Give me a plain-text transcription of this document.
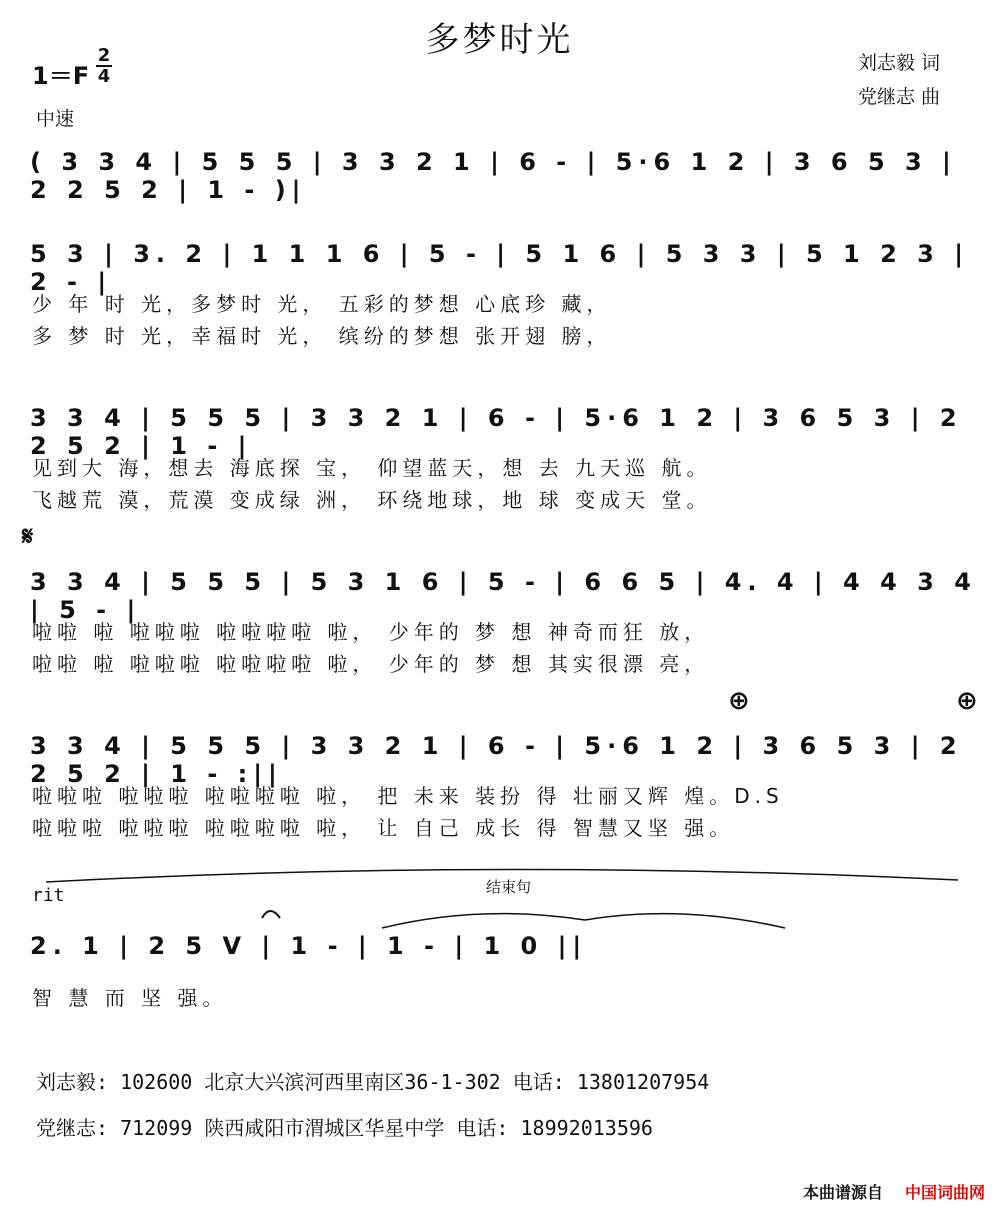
多梦时光
刘志毅 词
党继志 曲
1＝F
2
4
中速
( 3 3 4 | 5 5 5 | 3 3 2 1 | 6 - | 5·6 1 2 | 3 6 5 3 | 2 2 5 2 | 1 - )|
5 3 | 3. 2 | 1 1 1 6 | 5 - | 5 1 6 | 5 3 3 | 5 1 2 3 | 2 - |
少 年 时 光，多梦时 光， 五彩的梦想 心底珍 藏，
多 梦 时 光，幸福时 光， 缤纷的梦想 张开翅 膀，
3 3 4 | 5 5 5 | 3 3 2 1 | 6 - | 5·6 1 2 | 3 6 5 3 | 2 2 5 2 | 1 - |
见到大 海，想去 海底探 宝， 仰望蓝天，想 去 九天巡 航。
飞越荒 漠，荒漠 变成绿 洲， 环绕地球，地 球 变成天 堂。
𝄋
3 3 4 | 5 5 5 | 5 3 1 6 | 5 - | 6 6 5 | 4. 4 | 4 4 3 4 | 5 - |
啦啦 啦 啦啦啦 啦啦啦啦 啦， 少年的 梦 想 神奇而狂 放，
啦啦 啦 啦啦啦 啦啦啦啦 啦， 少年的 梦 想 其实很漂 亮，
⊕	⊕
3 3 4 | 5 5 5 | 3 3 2 1 | 6 - | 5·6 1 2 | 3 6 5 3 | 2 2 5 2 | 1 - :||
啦啦啦 啦啦啦 啦啦啦啦 啦， 把 未来 装扮 得 壮丽又辉 煌。D.S
啦啦啦 啦啦啦 啦啦啦啦 啦， 让 自己 成长 得 智慧又坚 强。
rit	结束句
2. 1 | 2 5 V | 1 - | 1 - | 1 0 ||
智 慧 而 坚 强。
刘志毅: 102600 北京大兴滨河西里南区36-1-302 电话: 13801207954
党继志: 712099 陕西咸阳市渭城区华星中学 电话: 18992013596
本曲谱源自 中国词曲网
